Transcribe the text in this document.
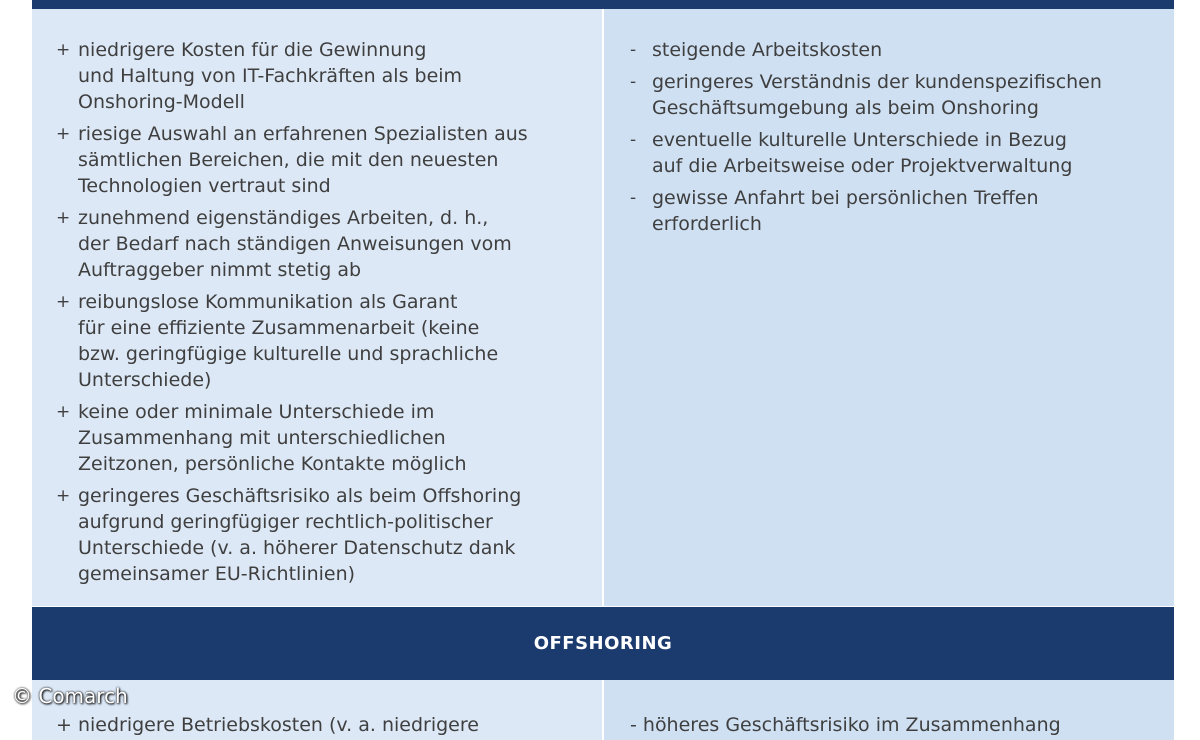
+ niedrigere Kosten für die Gewinnung
und Haltung von IT-Fachkräften als beim
Onshoring-Modell
+ riesige Auswahl an erfahrenen Spezialisten aus
sämtlichen Bereichen, die mit den neuesten
Technologien vertraut sind
+ zunehmend eigenständiges Arbeiten, d. h.,
der Bedarf nach ständigen Anweisungen vom
Auftraggeber nimmt stetig ab
+ reibungslose Kommunikation als Garant
für eine effiziente Zusammenarbeit (keine
bzw. geringfügige kulturelle und sprachliche
Unterschiede)
+ keine oder minimale Unterschiede im
Zusammenhang mit unterschiedlichen
Zeitzonen, persönliche Kontakte möglich
+ geringeres Geschäftsrisiko als beim Offshoring
aufgrund geringfügiger rechtlich-politischer
Unterschiede (v. a. höherer Datenschutz dank
gemeinsamer EU-Richtlinien)
- steigende Arbeitskosten
- geringeres Verständnis der kundenspezifischen
Geschäftsumgebung als beim Onshoring
- eventuelle kulturelle Unterschiede in Bezug
auf die Arbeitsweise oder Projektverwaltung
- gewisse Anfahrt bei persönlichen Treffen
erforderlich
OFFSHORING
+ niedrigere Betriebskosten (v. a. niedrigere	- höheres Geschäftsrisiko im Zusammenhang
© Comarch
